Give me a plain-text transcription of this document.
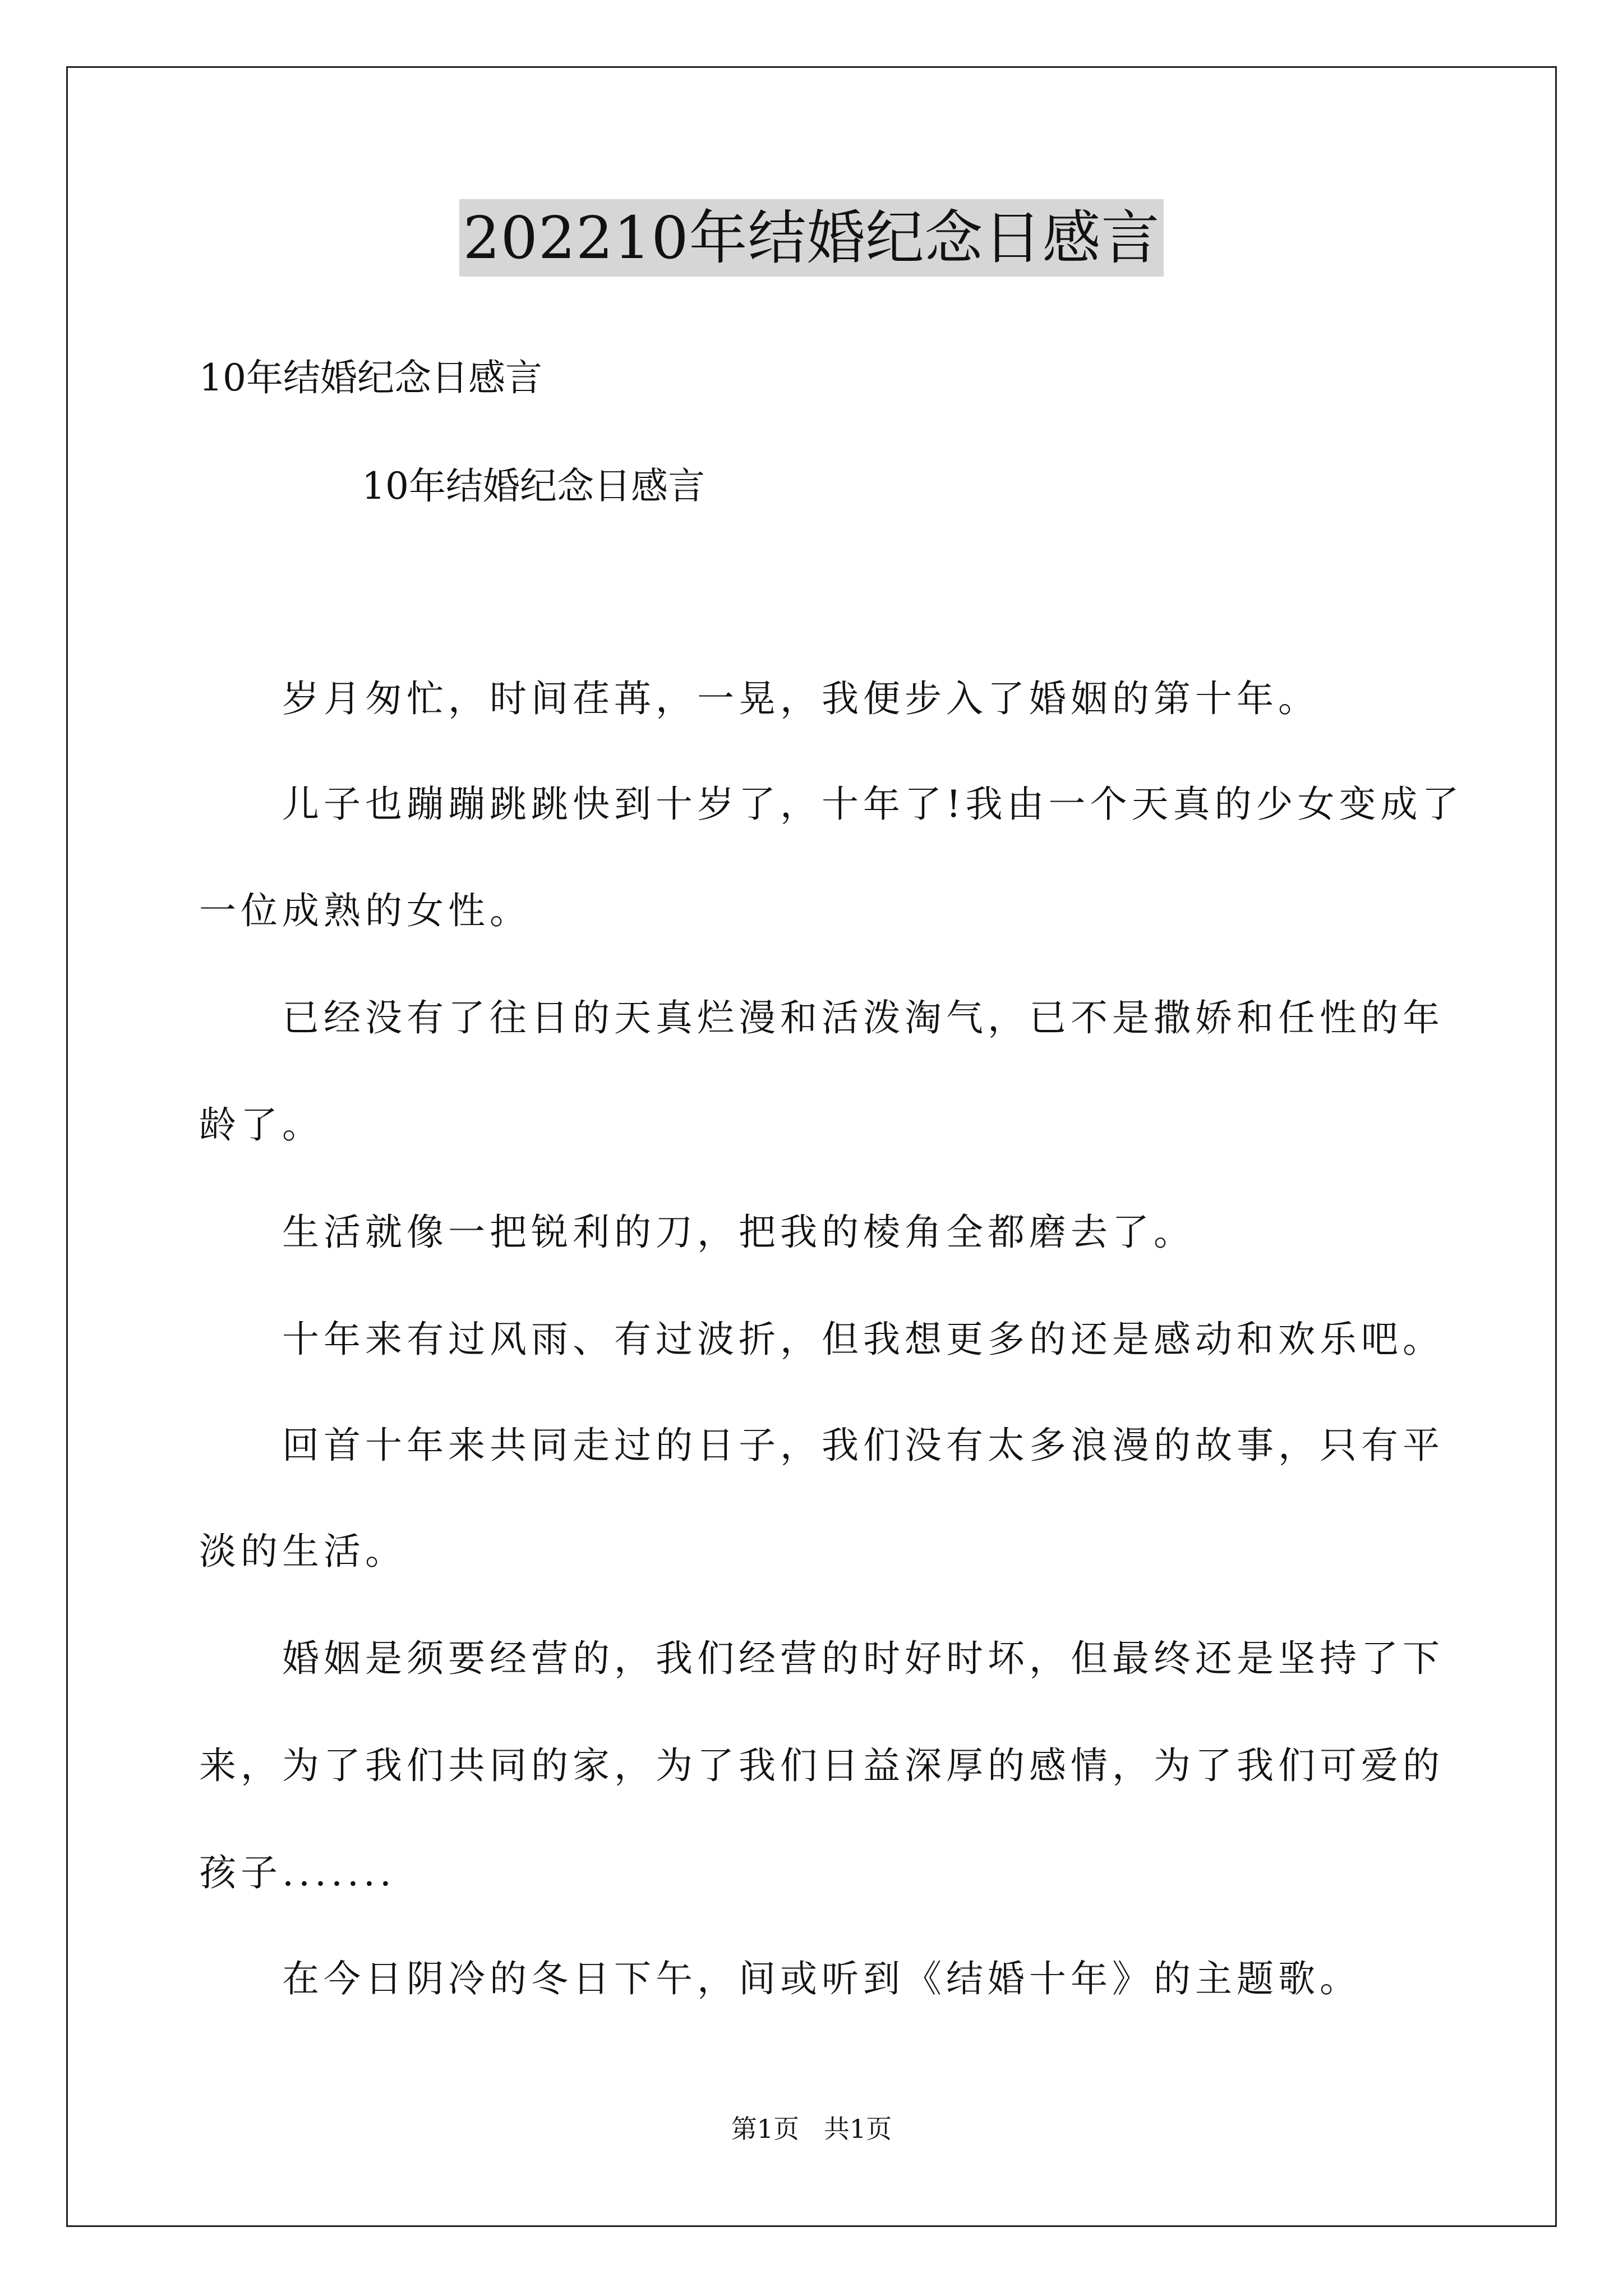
202210年结婚纪念日感言
10年结婚纪念日感言
10年结婚纪念日感言
岁月匆忙，时间荏苒，一晃，我便步入了婚姻的第十年。
儿子也蹦蹦跳跳快到十岁了，十年了!我由一个天真的少女变成了
一位成熟的女性。
已经没有了往日的天真烂漫和活泼淘气，已不是撒娇和任性的年
龄了。
生活就像一把锐利的刀，把我的棱角全都磨去了。
十年来有过风雨、有过波折，但我想更多的还是感动和欢乐吧。
回首十年来共同走过的日子，我们没有太多浪漫的故事，只有平
淡的生活。
婚姻是须要经营的，我们经营的时好时坏，但最终还是坚持了下
来，为了我们共同的家，为了我们日益深厚的感情，为了我们可爱的
孩子.......
在今日阴冷的冬日下午，间或听到《结婚十年》的主题歌。
第1页   共1页
